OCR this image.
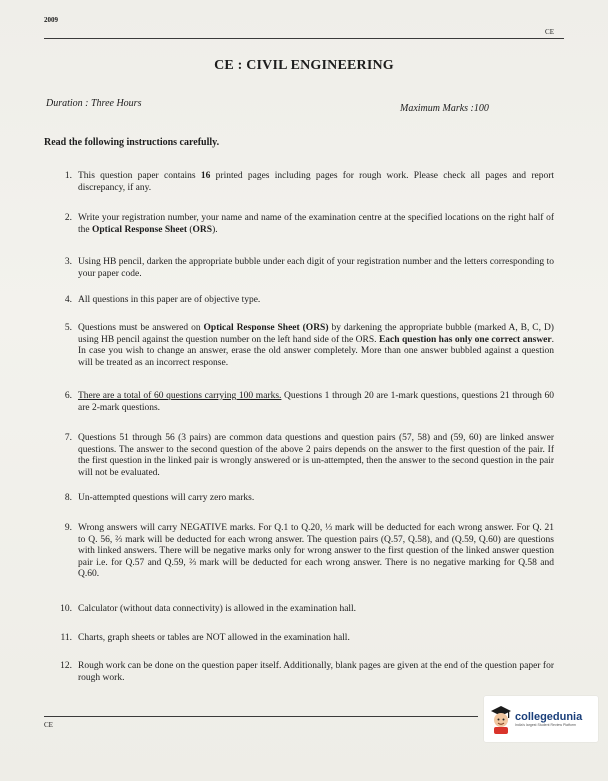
2009
CE
CE : CIVIL ENGINEERING
Duration : Three Hours	Maximum Marks :100
Read the following instructions carefully.
1. This question paper contains 16 printed pages including pages for rough work. Please check all pages and report discrepancy, if any.
2. Write your registration number, your name and name of the examination centre at the specified locations on the right half of the Optical Response Sheet (ORS).
3. Using HB pencil, darken the appropriate bubble under each digit of your registration number and the letters corresponding to your paper code.
4. All questions in this paper are of objective type.
5. Questions must be answered on Optical Response Sheet (ORS) by darkening the appropriate bubble (marked A, B, C, D) using HB pencil against the question number on the left hand side of the ORS. Each question has only one correct answer. In case you wish to change an answer, erase the old answer completely. More than one answer bubbled against a question will be treated as an incorrect response.
6. There are a total of 60 questions carrying 100 marks. Questions 1 through 20 are 1-mark questions, questions 21 through 60 are 2-mark questions.
7. Questions 51 through 56 (3 pairs) are common data questions and question pairs (57, 58) and (59, 60) are linked answer questions. The answer to the second question of the above 2 pairs depends on the answer to the first question of the pair. If the first question in the linked pair is wrongly answered or is un-attempted, then the answer to the second question in the pair will not be evaluated.
8. Un-attempted questions will carry zero marks.
9. Wrong answers will carry NEGATIVE marks. For Q.1 to Q.20, ⅓ mark will be deducted for each wrong answer. For Q. 21 to Q. 56, ⅔ mark will be deducted for each wrong answer. The question pairs (Q.57, Q.58), and (Q.59, Q.60) are questions with linked answers. There will be negative marks only for wrong answer to the first question of the linked answer question pair i.e. for Q.57 and Q.59, ⅔ mark will be deducted for each wrong answer. There is no negative marking for Q.58 and Q.60.
10. Calculator (without data connectivity) is allowed in the examination hall.
11. Charts, graph sheets or tables are NOT allowed in the examination hall.
12. Rough work can be done on the question paper itself. Additionally, blank pages are given at the end of the question paper for rough work.
CE
collegedunia
India's largest Student Review Platform
